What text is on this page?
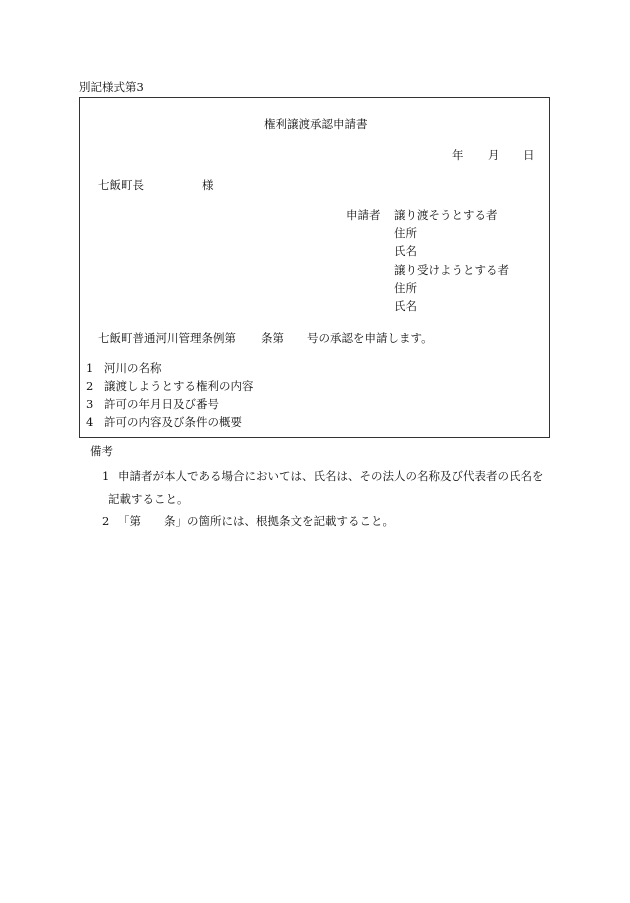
別記様式第3
権利譲渡承認申請書
年 月 日
七飯町長	様
申請者 譲り渡そうとする者
住所
氏名
譲り受けようとする者
住所
氏名
七飯町普通河川管理条例第 条第 号の承認を申請します。
1 河川の名称
2 譲渡しようとする権利の内容
3 許可の年月日及び番号
4 許可の内容及び条件の概要
備考
1 申請者が本人である場合においては、氏名は、その法人の名称及び代表者の氏名を
記載すること。
2 「第　　条」の箇所には、根拠条文を記載すること。
